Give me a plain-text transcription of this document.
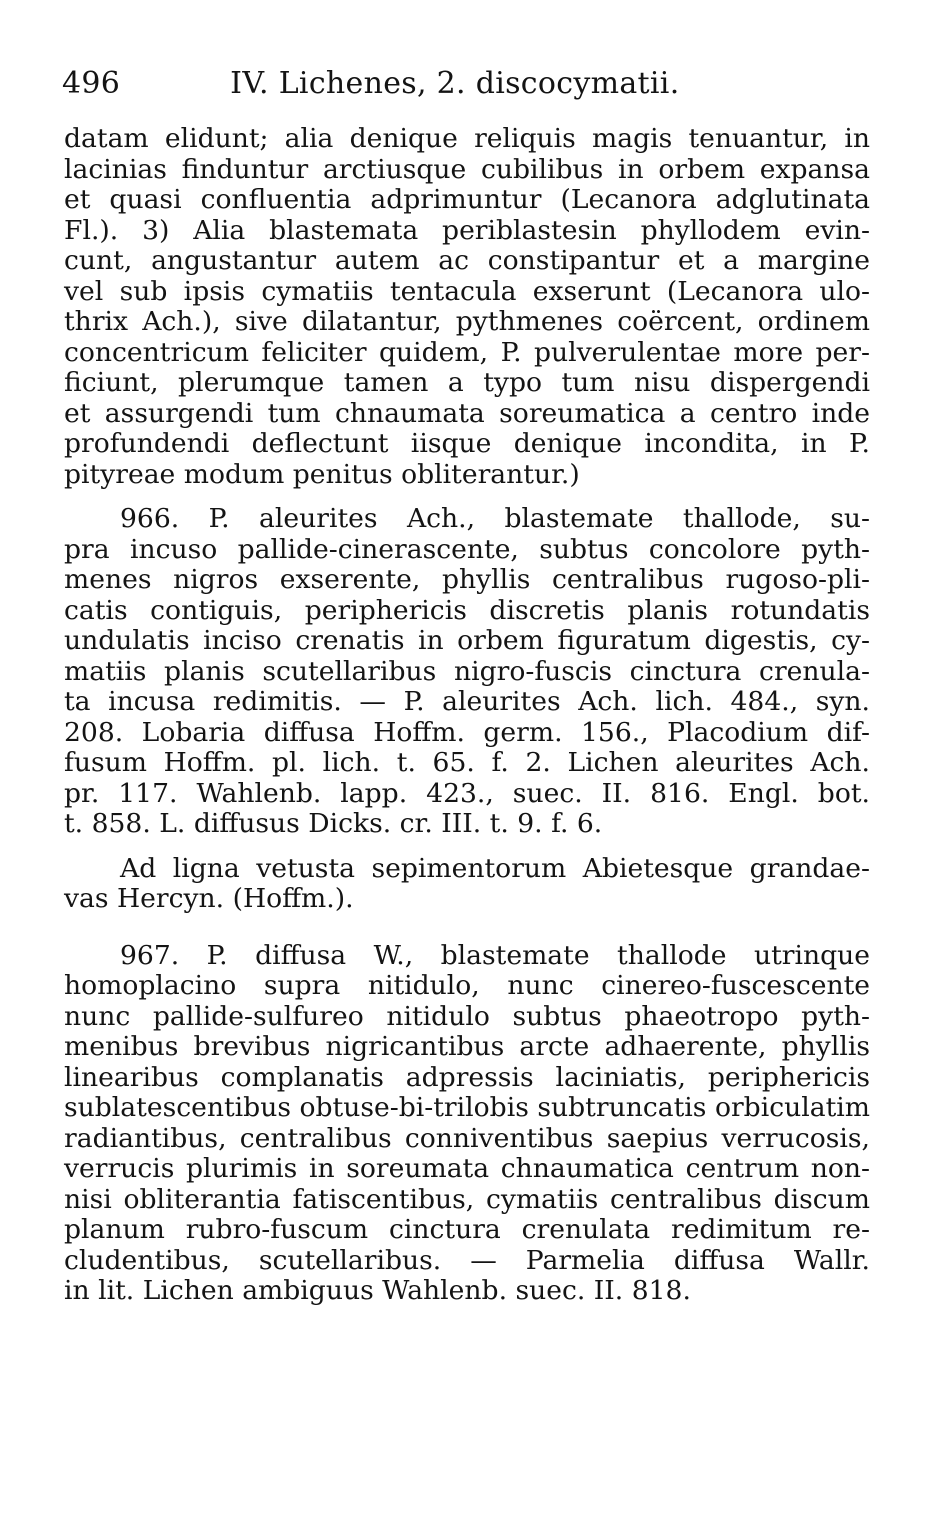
496	IV. Lichenes, 2. discocymatii.
datam elidunt; alia denique reliquis magis tenuantur, in
lacinias finduntur arctiusque cubilibus in orbem expansa
et quasi confluentia adprimuntur (Lecanora adglutinata
Fl.). 3) Alia blastemata periblastesin phyllodem evin-
cunt, angustantur autem ac constipantur et a margine
vel sub ipsis cymatiis tentacula exserunt (Lecanora ulo-
thrix Ach.), sive dilatantur, pythmenes coërcent, ordinem
concentricum feliciter quidem, P. pulverulentae more per-
ficiunt, plerumque tamen a typo tum nisu dispergendi
et assurgendi tum chnaumata soreumatica a centro inde
profundendi deflectunt iisque denique incondita, in P.
pityreae modum penitus obliterantur.)
966. P. aleurites Ach., blastemate thallode, su-
pra incuso pallide-cinerascente, subtus concolore pyth-
menes nigros exserente, phyllis centralibus rugoso-pli-
catis contiguis, periphericis discretis planis rotundatis
undulatis inciso crenatis in orbem figuratum digestis, cy-
matiis planis scutellaribus nigro-fuscis cinctura crenula-
ta incusa redimitis. — P. aleurites Ach. lich. 484., syn.
208. Lobaria diffusa Hoffm. germ. 156., Placodium dif-
fusum Hoffm. pl. lich. t. 65. f. 2. Lichen aleurites Ach.
pr. 117. Wahlenb. lapp. 423., suec. II. 816. Engl. bot.
t. 858. L. diffusus Dicks. cr. III. t. 9. f. 6.
Ad ligna vetusta sepimentorum Abietesque grandae-
vas Hercyn. (Hoffm.).
967. P. diffusa W., blastemate thallode utrinque
homoplacino supra nitidulo, nunc cinereo-fuscescente
nunc pallide-sulfureo nitidulo subtus phaeotropo pyth-
menibus brevibus nigricantibus arcte adhaerente, phyllis
linearibus complanatis adpressis laciniatis, periphericis
sublatescentibus obtuse-bi-trilobis subtruncatis orbiculatim
radiantibus, centralibus conniventibus saepius verrucosis,
verrucis plurimis in soreumata chnaumatica centrum non-
nisi obliterantia fatiscentibus, cymatiis centralibus discum
planum rubro-fuscum cinctura crenulata redimitum re-
cludentibus, scutellaribus. — Parmelia diffusa Wallr.
in lit. Lichen ambiguus Wahlenb. suec. II. 818.
